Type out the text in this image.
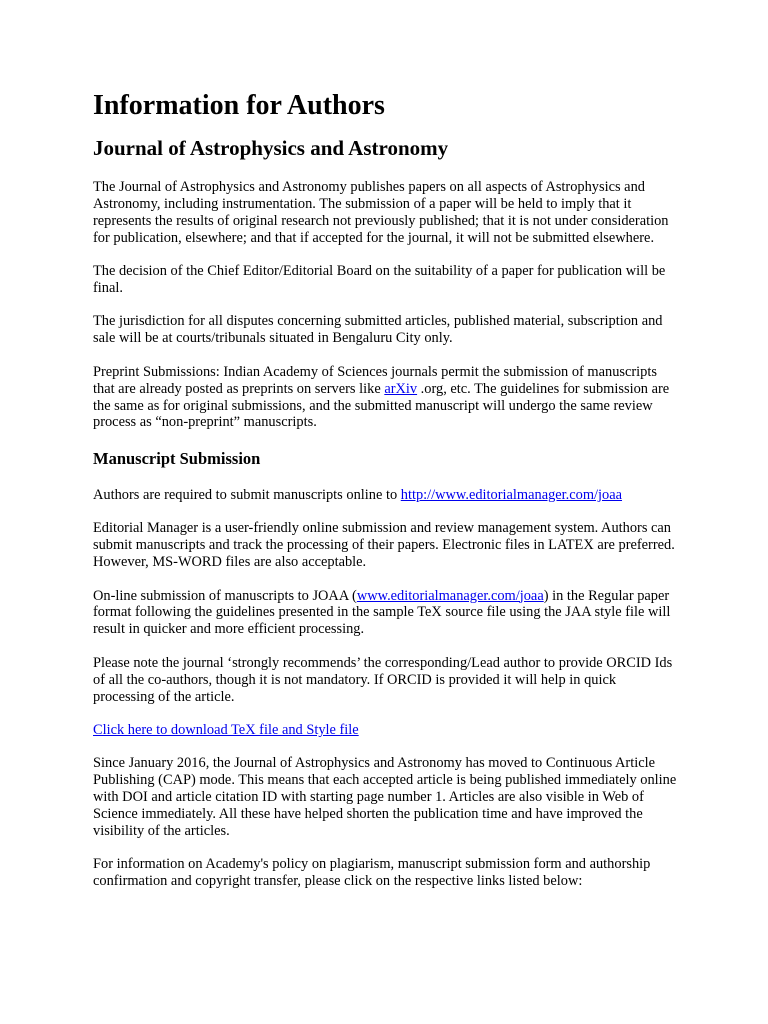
Information for Authors
Journal of Astrophysics and Astronomy

The Journal of Astrophysics and Astronomy publishes papers on all aspects of Astrophysics and Astronomy, including instrumentation. The submission of a paper will be held to imply that it represents the results of original research not previously published; that it is not under consideration for publication, elsewhere; and that if accepted for the journal, it will not be submitted elsewhere.

The decision of the Chief Editor/Editorial Board on the suitability of a paper for publication will be final.

The jurisdiction for all disputes concerning submitted articles, published material, subscription and sale will be at courts/tribunals situated in Bengaluru City only.

Preprint Submissions: Indian Academy of Sciences journals permit the submission of manuscripts that are already posted as preprints on servers like arXiv .org, etc. The guidelines for submission are the same as for original submissions, and the submitted manuscript will undergo the same review process as “non-preprint” manuscripts.

Manuscript Submission

Authors are required to submit manuscripts online to http://www.editorialmanager.com/joaa

Editorial Manager is a user-friendly online submission and review management system. Authors can submit manuscripts and track the processing of their papers. Electronic files in LATEX are preferred. However, MS-WORD files are also acceptable.

On-line submission of manuscripts to JOAA (www.editorialmanager.com/joaa) in the Regular paper format following the guidelines presented in the sample TeX source file using the JAA style file will result in quicker and more efficient processing.

Please note the journal ‘strongly recommends’ the corresponding/Lead author to provide ORCID Ids of all the co-authors, though it is not mandatory. If ORCID is provided it will help in quick processing of the article.

Click here to download TeX file and Style file

Since January 2016, the Journal of Astrophysics and Astronomy has moved to Continuous Article Publishing (CAP) mode. This means that each accepted article is being published immediately online with DOI and article citation ID with starting page number 1. Articles are also visible in Web of Science immediately. All these have helped shorten the publication time and have improved the visibility of the articles.

For information on Academy's policy on plagiarism, manuscript submission form and authorship confirmation and copyright transfer, please click on the respective links listed below:
